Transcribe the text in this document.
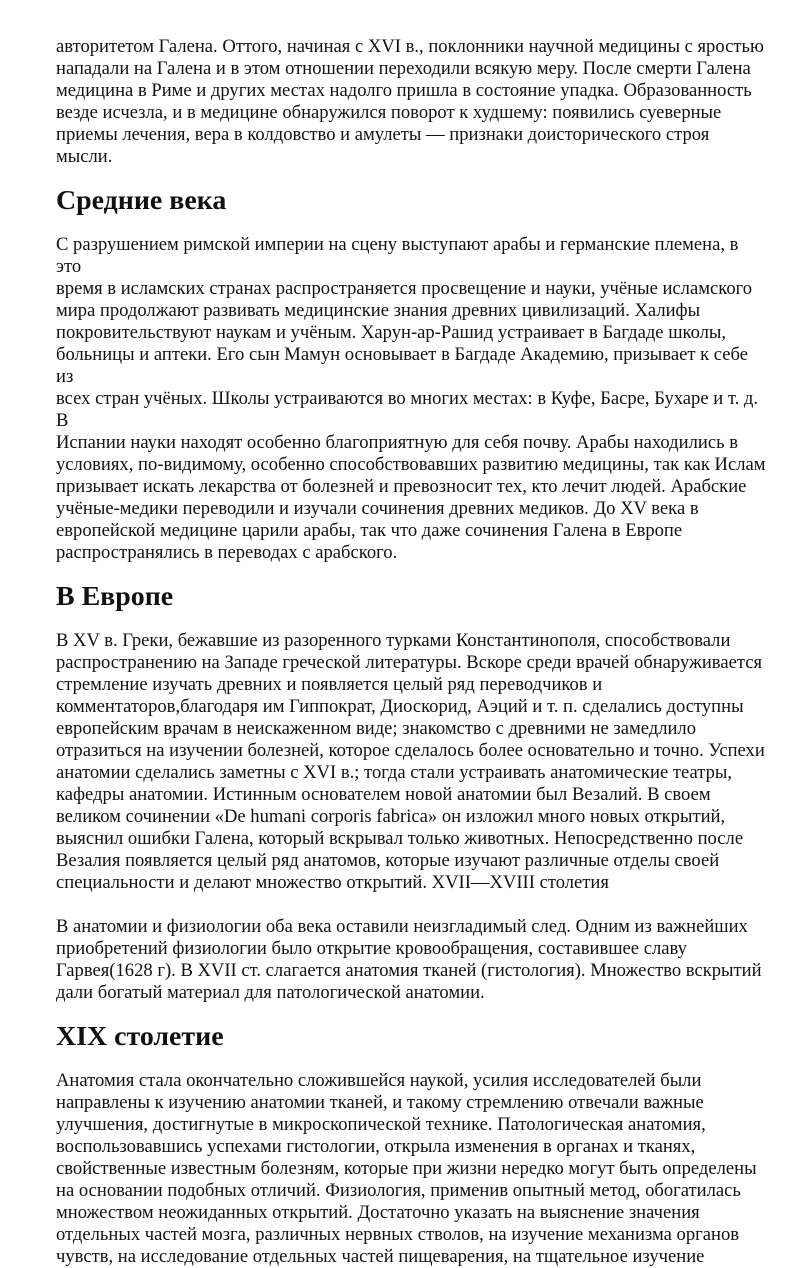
авторитетом Галена. Оттого, начиная с XVI в., поклонники научной медицины с яростью
нападали на Галена и в этом отношении переходили всякую меру. После смерти Галена
медицина в Риме и других местах надолго пришла в состояние упадка. Образованность
везде исчезла, и в медицине обнаружился поворот к худшему: появились суеверные
приемы лечения, вера в колдовство и амулеты — признаки доисторического строя мысли.

Средние века

С разрушением римской империи на сцену выступают арабы и германские племена, в это
время в исламских странах распространяется просвещение и науки, учёные исламского
мира продолжают развивать медицинские знания древних цивилизаций. Халифы
покровительствуют наукам и учёным. Харун-ар-Рашид устраивает в Багдаде школы,
больницы и аптеки. Его сын Мамун основывает в Багдаде Академию, призывает к себе из
всех стран учёных. Школы устраиваются во многих местах: в Куфе, Басре, Бухаре и т. д. В
Испании науки находят особенно благоприятную для себя почву. Арабы находились в
условиях, по-видимому, особенно способствовавших развитию медицины, так как Ислам
призывает искать лекарства от болезней и превозносит тех, кто лечит людей. Арабские
учёные-медики переводили и изучали сочинения древних медиков. До XV века в
европейской медицине царили арабы, так что даже сочинения Галена в Европе
распространялись в переводах с арабского.

В Европе

В XV в. Греки, бежавшие из разоренного турками Константинополя, способствовали
распространению на Западе греческой литературы. Вскоре среди врачей обнаруживается
стремление изучать древних и появляется целый ряд переводчиков и
комментаторов,благодаря им Гиппократ, Диоскорид, Аэций и т. п. сделались доступны
европейским врачам в неискаженном виде; знакомство с древними не замедлило
отразиться на изучении болезней, которое сделалось более основательно и точно. Успехи
анатомии сделались заметны с XVI в.; тогда стали устраивать анатомические театры,
кафедры анатомии. Истинным основателем новой анатомии был Везалий. В своем
великом сочинении «De humani corporis fabrica» он изложил много новых открытий,
выяснил ошибки Галена, который вскрывал только животных. Непосредственно после
Везалия появляется целый ряд анатомов, которые изучают различные отделы своей
специальности и делают множество открытий. XVII—XVIII столетия

В анатомии и физиологии оба века оставили неизгладимый след. Одним из важнейших
приобретений физиологии было открытие кровообращения, составившее славу
Гарвея(1628 г). В XVII ст. слагается анатомия тканей (гистология). Множество вскрытий
дали богатый материал для патологической анатомии.

XIX столетие

Анатомия стала окончательно сложившейся наукой, усилия исследователей были
направлены к изучению анатомии тканей, и такому стремлению отвечали важные
улучшения, достигнутые в микроскопической технике. Патологическая анатомия,
воспользовавшись успехами гистологии, открыла изменения в органах и тканях,
свойственные известным болезням, которые при жизни нередко могут быть определены
на основании подобных отличий. Физиология, применив опытный метод, обогатилась
множеством неожиданных открытий. Достаточно указать на выяснение значения
отдельных частей мозга, различных нервных стволов, на изучение механизма органов
чувств, на исследование отдельных частей пищеварения, на тщательное изучение
